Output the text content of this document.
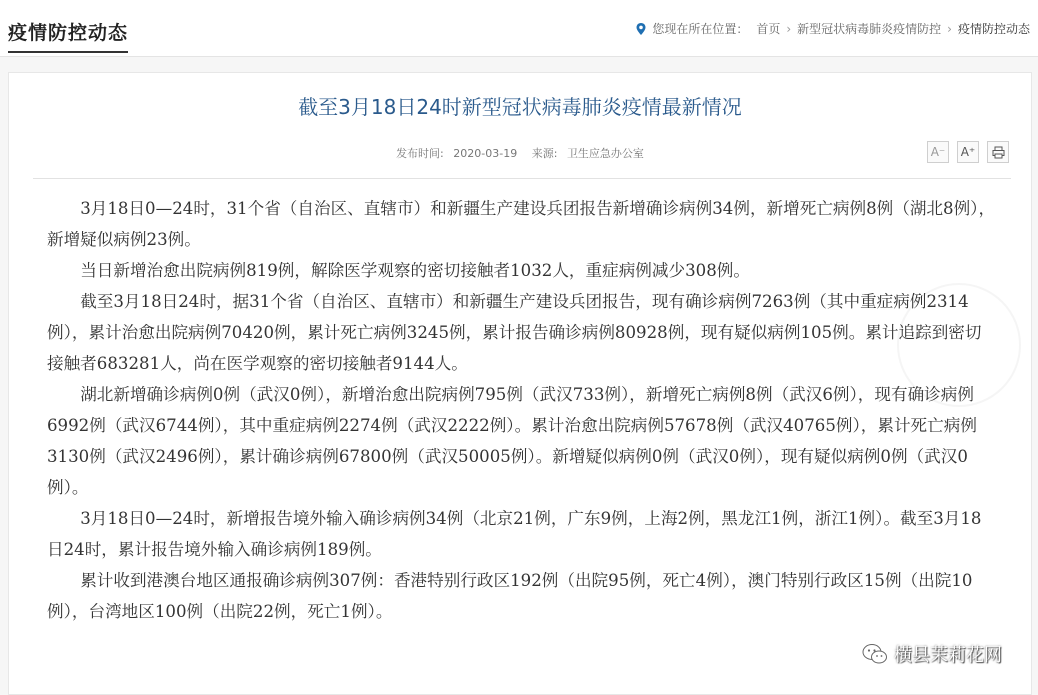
疫情防控动态	您现在所在位置： 首页 › 新型冠状病毒肺炎疫情防控 › 疫情防控动态
截至3月18日24时新型冠状病毒肺炎疫情最新情况
发布时间: 2020-03-19 来源: 卫生应急办公室	A⁻ A⁺

3月18日0—24时，31个省（自治区、直辖市）和新疆生产建设兵团报告新增确诊病例34例，新增死亡病例8例（湖北8例），新增疑似病例23例。

当日新增治愈出院病例819例，解除医学观察的密切接触者1032人，重症病例减少308例。

截至3月18日24时，据31个省（自治区、直辖市）和新疆生产建设兵团报告，现有确诊病例7263例（其中重症病例2314例），累计治愈出院病例70420例，累计死亡病例3245例，累计报告确诊病例80928例，现有疑似病例105例。累计追踪到密切接触者683281人，尚在医学观察的密切接触者9144人。

湖北新增确诊病例0例（武汉0例），新增治愈出院病例795例（武汉733例），新增死亡病例8例（武汉6例），现有确诊病例6992例（武汉6744例），其中重症病例2274例（武汉2222例）。累计治愈出院病例57678例（武汉40765例），累计死亡病例3130例（武汉2496例），累计确诊病例67800例（武汉50005例）。新增疑似病例0例（武汉0例），现有疑似病例0例（武汉0例）。

3月18日0—24时，新增报告境外输入确诊病例34例（北京21例，广东9例，上海2例，黑龙江1例，浙江1例）。截至3月18日24时，累计报告境外输入确诊病例189例。

累计收到港澳台地区通报确诊病例307例：香港特别行政区192例（出院95例，死亡4例），澳门特别行政区15例（出院10例），台湾地区100例（出院22例，死亡1例）。

横县茉莉花网
